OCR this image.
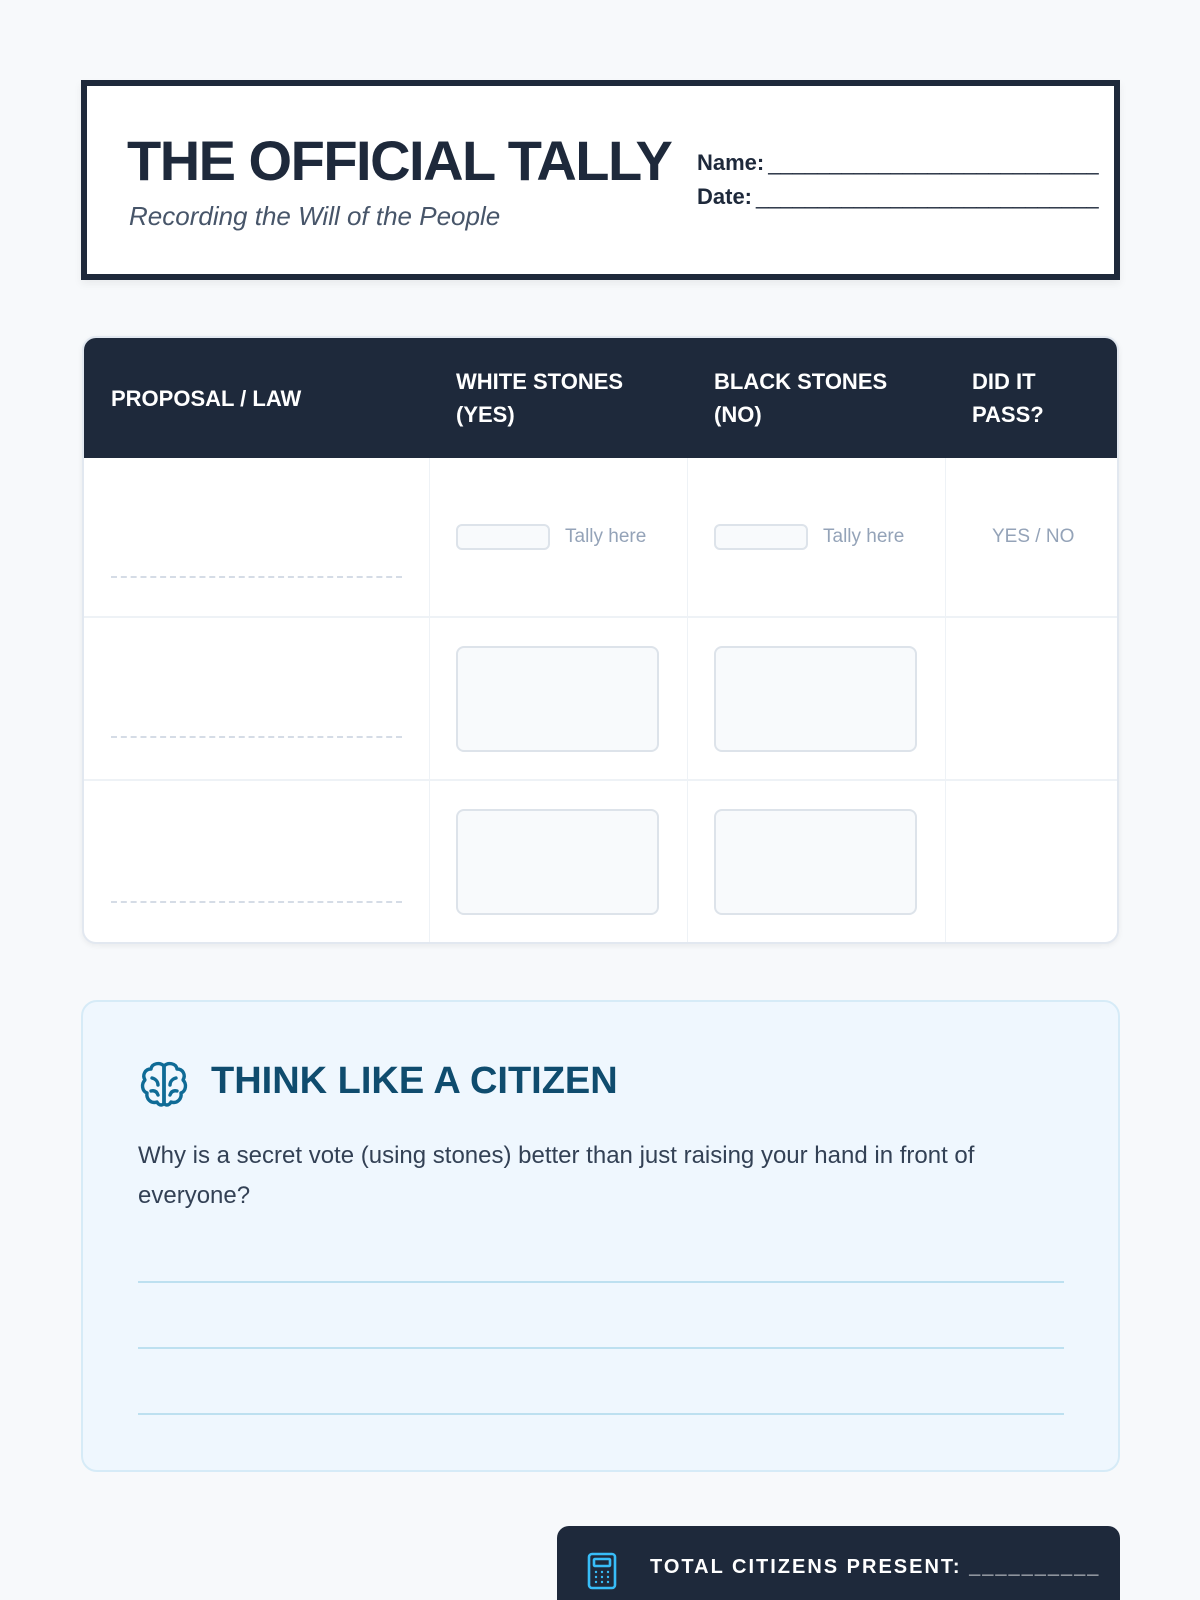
THE OFFICIAL TALLY
Recording the Will of the People
Name: ___________________________
Date: ____________________________
PROPOSAL / LAW
WHITE STONES
(YES)
BLACK STONES
(NO)
DID IT
PASS?
Tally here	Tally here	YES / NO
THINK LIKE A CITIZEN
Why is a secret vote (using stones) better than just raising your hand in front of everyone?
TOTAL CITIZENS PRESENT: __________
